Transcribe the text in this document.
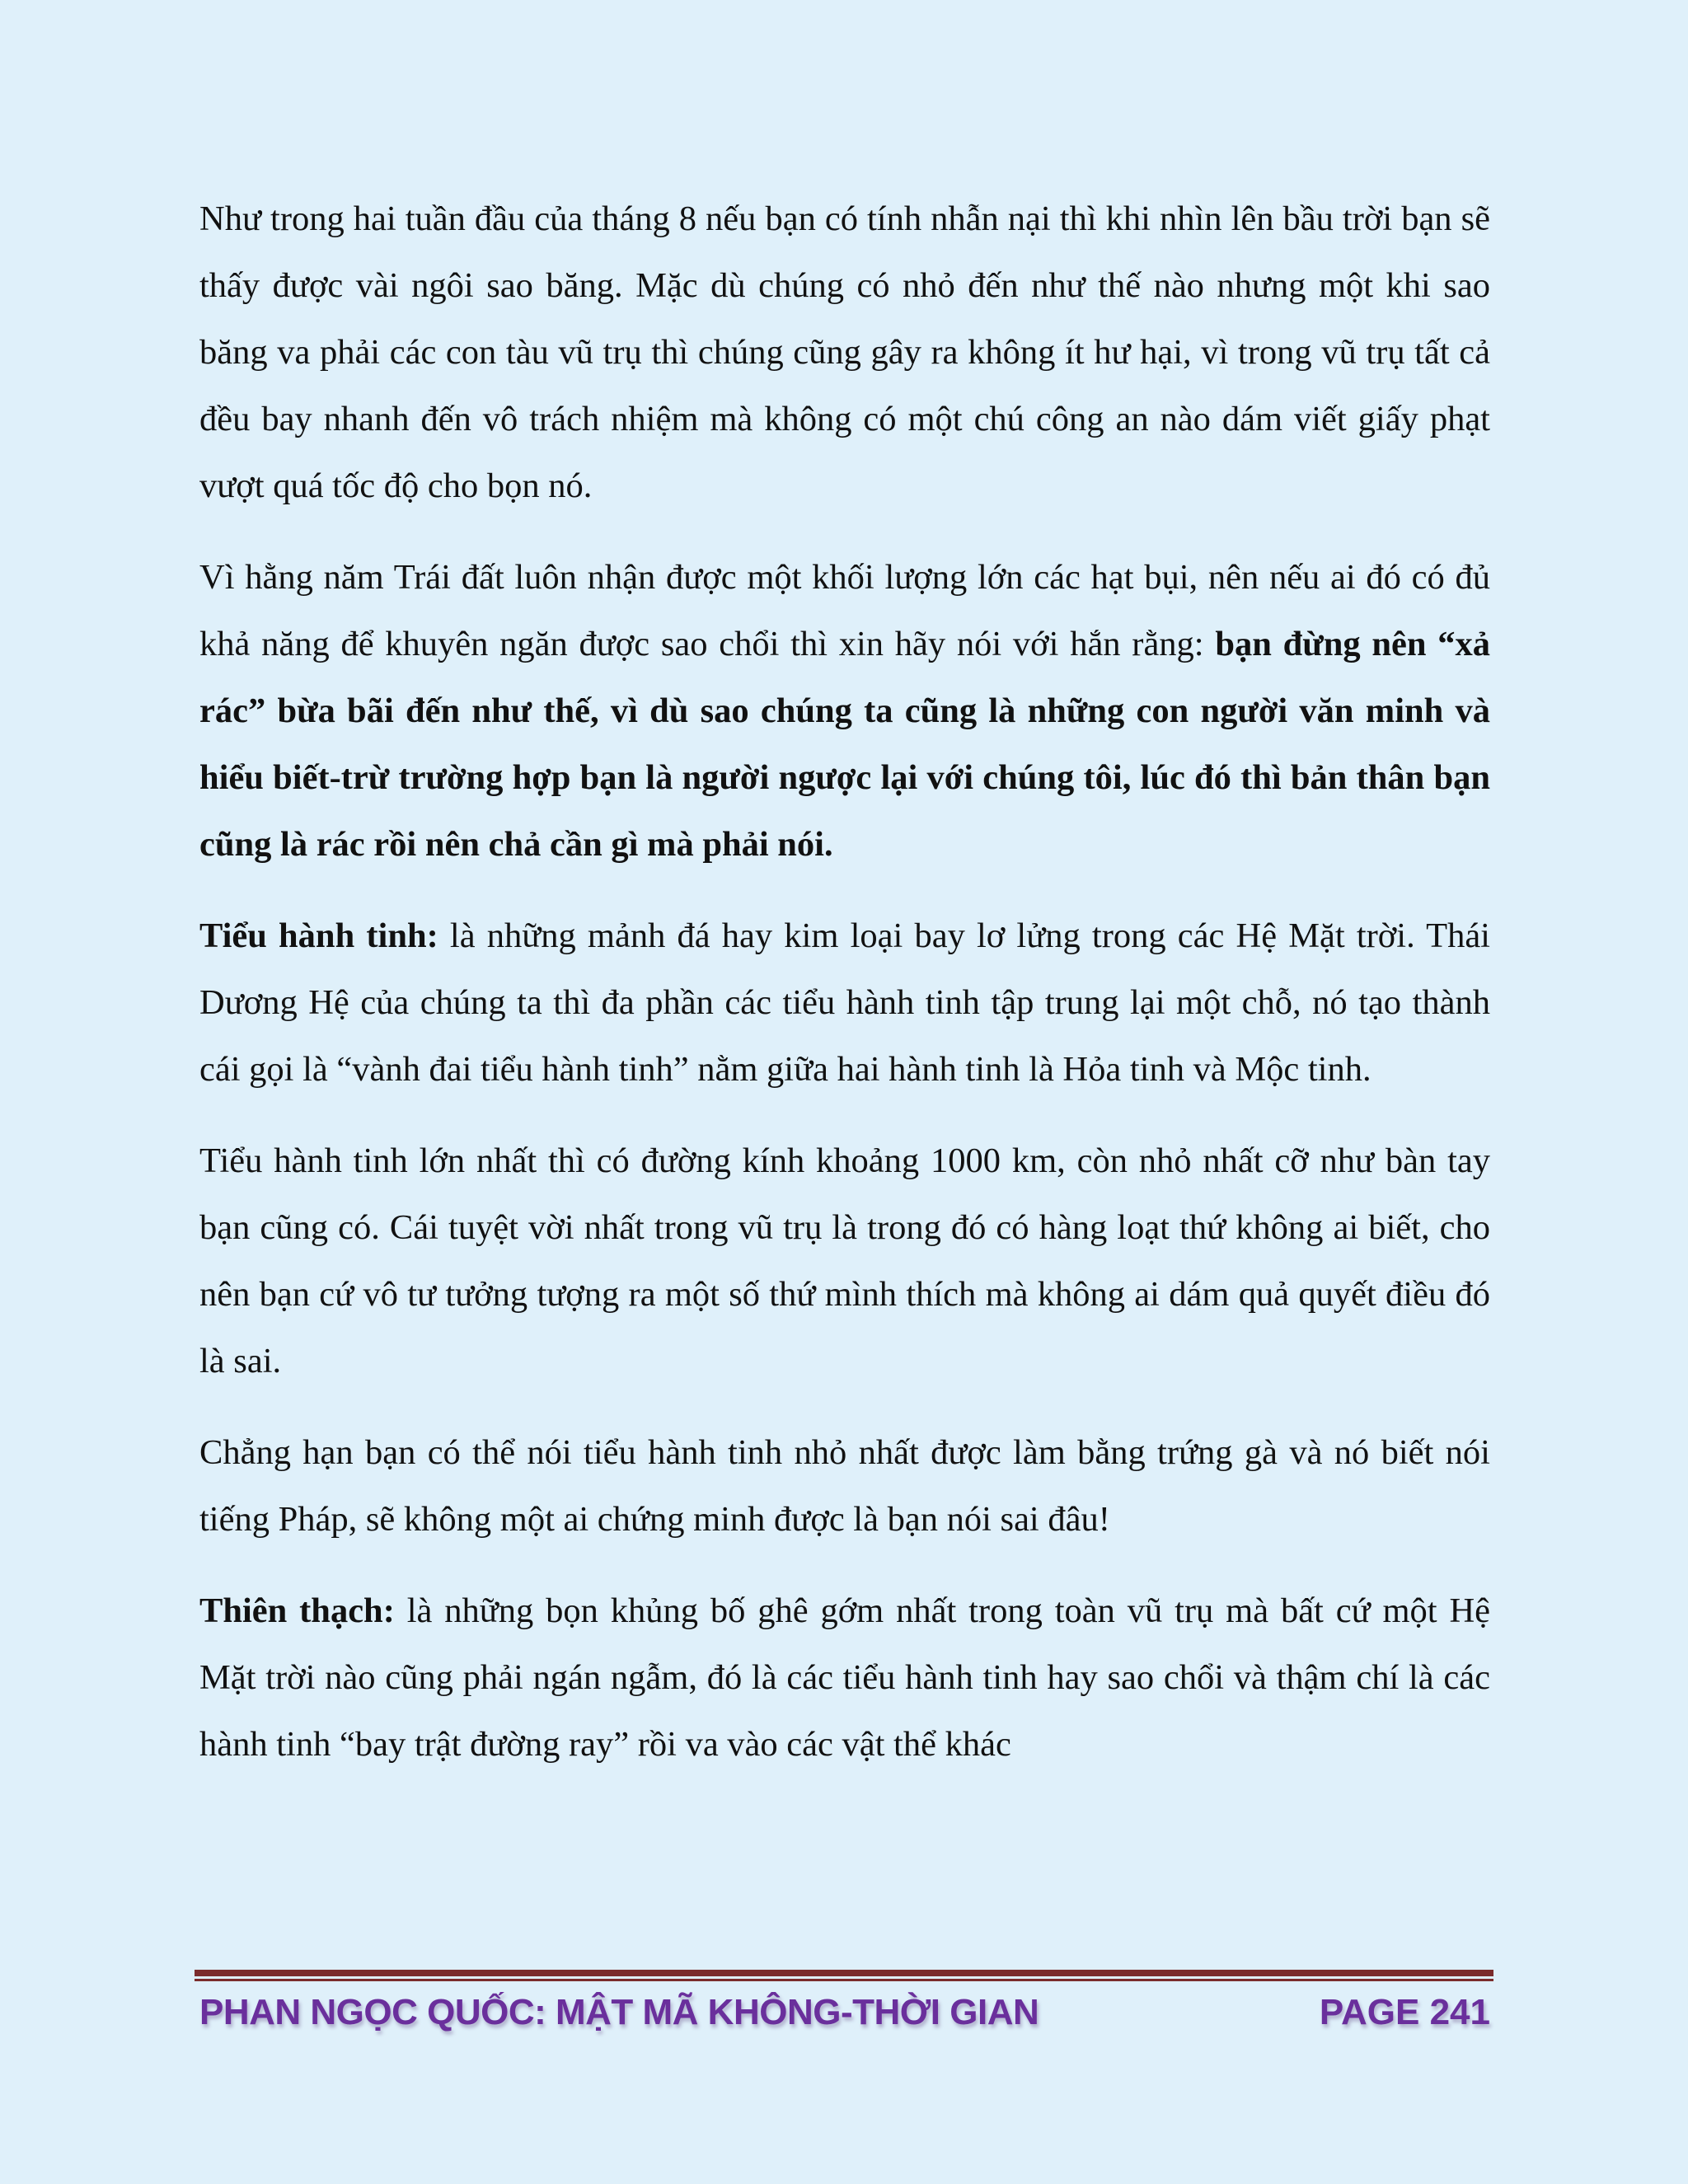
Như trong hai tuần đầu của tháng 8 nếu bạn có tính nhẫn nại thì khi nhìn lên bầu trời bạn sẽ thấy được vài ngôi sao băng. Mặc dù chúng có nhỏ đến như thế nào nhưng một khi sao băng va phải các con tàu vũ trụ thì chúng cũng gây ra không ít hư hại, vì trong vũ trụ tất cả đều bay nhanh đến vô trách nhiệm mà không có một chú công an nào dám viết giấy phạt vượt quá tốc độ cho bọn nó.

Vì hằng năm Trái đất luôn nhận được một khối lượng lớn các hạt bụi, nên nếu ai đó có đủ khả năng để khuyên ngăn được sao chổi thì xin hãy nói với hắn rằng: bạn đừng nên “xả rác” bừa bãi đến như thế, vì dù sao chúng ta cũng là những con người văn minh và hiểu biết-trừ trường hợp bạn là người ngược lại với chúng tôi, lúc đó thì bản thân bạn cũng là rác rồi nên chả cần gì mà phải nói.

Tiểu hành tinh: là những mảnh đá hay kim loại bay lơ lửng trong các Hệ Mặt trời. Thái Dương Hệ của chúng ta thì đa phần các tiểu hành tinh tập trung lại một chỗ, nó tạo thành cái gọi là “vành đai tiểu hành tinh” nằm giữa hai hành tinh là Hỏa tinh và Mộc tinh.

Tiểu hành tinh lớn nhất thì có đường kính khoảng 1000 km, còn nhỏ nhất cỡ như bàn tay bạn cũng có. Cái tuyệt vời nhất trong vũ trụ là trong đó có hàng loạt thứ không ai biết, cho nên bạn cứ vô tư tưởng tượng ra một số thứ mình thích mà không ai dám quả quyết điều đó là sai.

Chẳng hạn bạn có thể nói tiểu hành tinh nhỏ nhất được làm bằng trứng gà và nó biết nói tiếng Pháp, sẽ không một ai chứng minh được là bạn nói sai đâu!

Thiên thạch: là những bọn khủng bố ghê gớm nhất trong toàn vũ trụ mà bất cứ một Hệ Mặt trời nào cũng phải ngán ngẫm, đó là các tiểu hành tinh hay sao chổi và thậm chí là các hành tinh “bay trật đường ray” rồi va vào các vật thể khác

PHAN NGỌC QUỐC: MẬT MÃ KHÔNG-THỜI GIAN	PAGE 241
